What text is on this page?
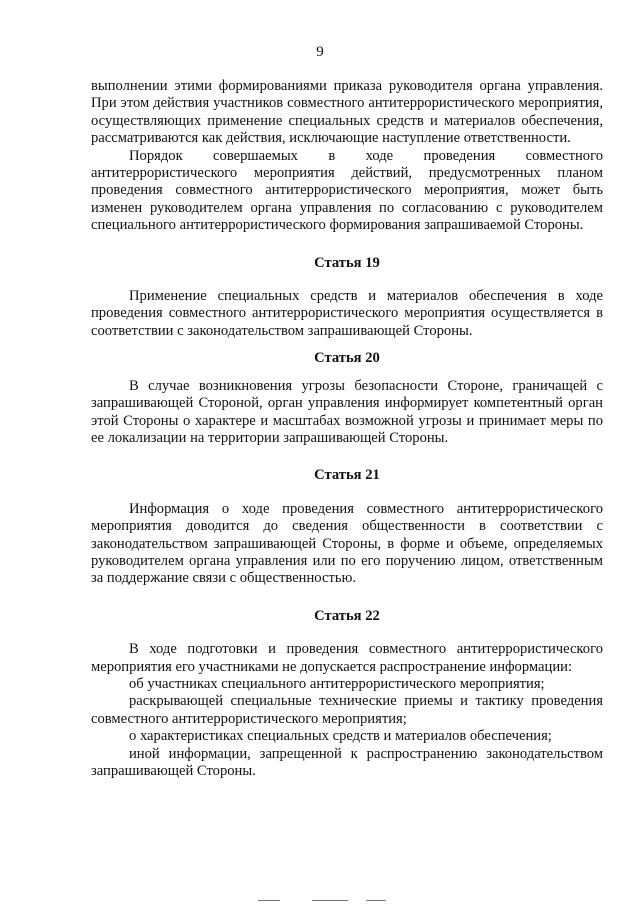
9

выполнении этими формированиями приказа руководителя органа управления. При этом действия участников совместного антитеррористического мероприятия, осуществляющих применение специальных средств и материалов обеспечения, рассматриваются как действия, исключающие наступление ответственности.

Порядок совершаемых в ходе проведения совместного антитеррористического мероприятия действий, предусмотренных планом проведения совместного антитеррористического мероприятия, может быть изменен руководителем органа управления по согласованию с руководителем специального антитеррористического формирования запрашиваемой Стороны.

Статья 19

Применение специальных средств и материалов обеспечения в ходе проведения совместного антитеррористического мероприятия осуществляется в соответствии с законодательством запрашивающей Стороны.

Статья 20

В случае возникновения угрозы безопасности Стороне, граничащей с запрашивающей Стороной, орган управления информирует компетентный орган этой Стороны о характере и масштабах возможной угрозы и принимает меры по ее локализации на территории запрашивающей Стороны.

Статья 21

Информация о ходе проведения совместного антитеррористического мероприятия доводится до сведения общественности в соответствии с законодательством запрашивающей Стороны, в форме и объеме, определяемых руководителем органа управления или по его поручению лицом, ответственным за поддержание связи с общественностью.

Статья 22

В ходе подготовки и проведения совместного антитеррористического мероприятия его участниками не допускается распространение информации:

об участниках специального антитеррористического мероприятия;

раскрывающей специальные технические приемы и тактику проведения совместного антитеррористического мероприятия;

о характеристиках специальных средств и материалов обеспечения;

иной информации, запрещенной к распространению законодательством запрашивающей Стороны.
